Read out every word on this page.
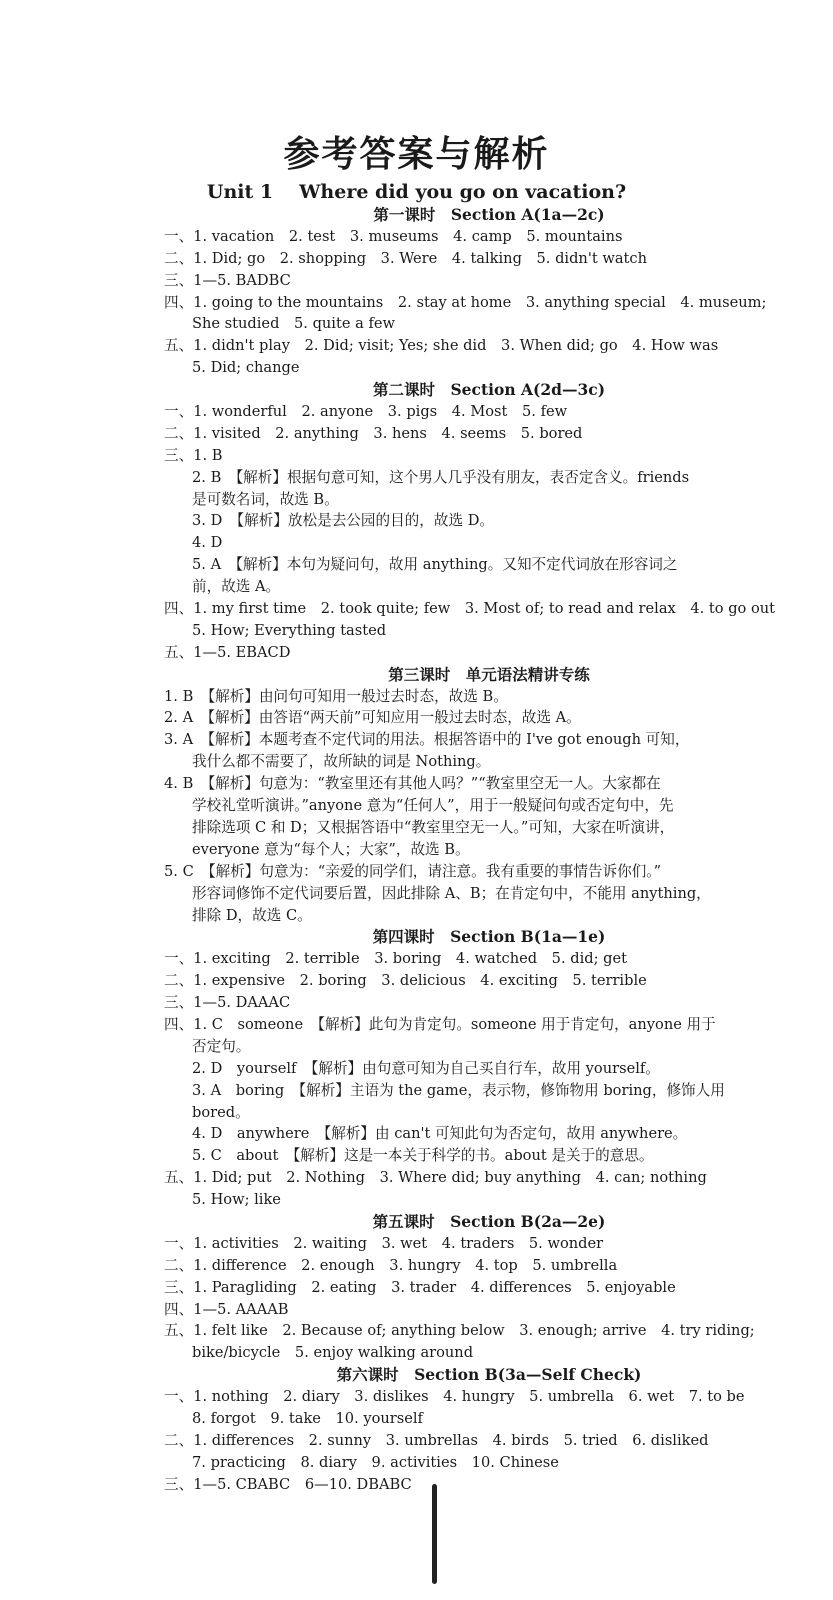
参考答案与解析
Unit 1 Where did you go on vacation?
第一课时　Section A(1a—2c)
一、1. vacation　2. test　3. museums　4. camp　5. mountains
二、1. Did; go　2. shopping　3. Were　4. talking　5. didn't watch
三、1—5. BADBC
四、1. going to the mountains　2. stay at home　3. anything special　4. museum;
She studied　5. quite a few
五、1. didn't play　2. Did; visit; Yes; she did　3. When did; go　4. How was
5. Did; change
第二课时　Section A(2d—3c)
一、1. wonderful　2. anyone　3. pigs　4. Most　5. few
二、1. visited　2. anything　3. hens　4. seems　5. bored
三、1. B
2. B　【解析】根据句意可知，这个男人几乎没有朋友，表否定含义。friends
是可数名词，故选 B。
3. D　【解析】放松是去公园的目的，故选 D。
4. D
5. A　【解析】本句为疑问句，故用 anything。又知不定代词放在形容词之
前，故选 A。
四、1. my first time　2. took quite; few　3. Most of; to read and relax　4. to go out
5. How; Everything tasted
五、1—5. EBACD
第三课时　单元语法精讲专练
1. B　【解析】由问句可知用一般过去时态，故选 B。
2. A　【解析】由答语“两天前”可知应用一般过去时态，故选 A。
3. A　【解析】本题考查不定代词的用法。根据答语中的 I've got enough 可知，
我什么都不需要了，故所缺的词是 Nothing。
4. B　【解析】句意为：“教室里还有其他人吗？”“教室里空无一人。大家都在
学校礼堂听演讲。”anyone 意为“任何人”，用于一般疑问句或否定句中，先
排除选项 C 和 D；又根据答语中“教室里空无一人。”可知，大家在听演讲，
everyone 意为“每个人；大家”，故选 B。
5. C　【解析】句意为：“亲爱的同学们，请注意。我有重要的事情告诉你们。”
形容词修饰不定代词要后置，因此排除 A、B；在肯定句中，不能用 anything，
排除 D，故选 C。
第四课时　Section B(1a—1e)
一、1. exciting　2. terrible　3. boring　4. watched　5. did; get
二、1. expensive　2. boring　3. delicious　4. exciting　5. terrible
三、1—5. DAAAC
四、1. C　someone　【解析】此句为肯定句。someone 用于肯定句，anyone 用于
否定句。
2. D　yourself　【解析】由句意可知为自己买自行车，故用 yourself。
3. A　boring　【解析】主语为 the game，表示物，修饰物用 boring，修饰人用
bored。
4. D　anywhere　【解析】由 can't 可知此句为否定句，故用 anywhere。
5. C　about　【解析】这是一本关于科学的书。about 是关于的意思。
五、1. Did; put　2. Nothing　3. Where did; buy anything　4. can; nothing
5. How; like
第五课时　Section B(2a—2e)
一、1. activities　2. waiting　3. wet　4. traders　5. wonder
二、1. difference　2. enough　3. hungry　4. top　5. umbrella
三、1. Paragliding　2. eating　3. trader　4. differences　5. enjoyable
四、1—5. AAAAB
五、1. felt like　2. Because of; anything below　3. enough; arrive　4. try riding;
bike/bicycle　5. enjoy walking around
第六课时　Section B(3a—Self Check)
一、1. nothing　2. diary　3. dislikes　4. hungry　5. umbrella　6. wet　7. to be
8. forgot　9. take　10. yourself
二、1. differences　2. sunny　3. umbrellas　4. birds　5. tried　6. disliked
7. practicing　8. diary　9. activities　10. Chinese
三、1—5. CBABC　6—10. DBABC
